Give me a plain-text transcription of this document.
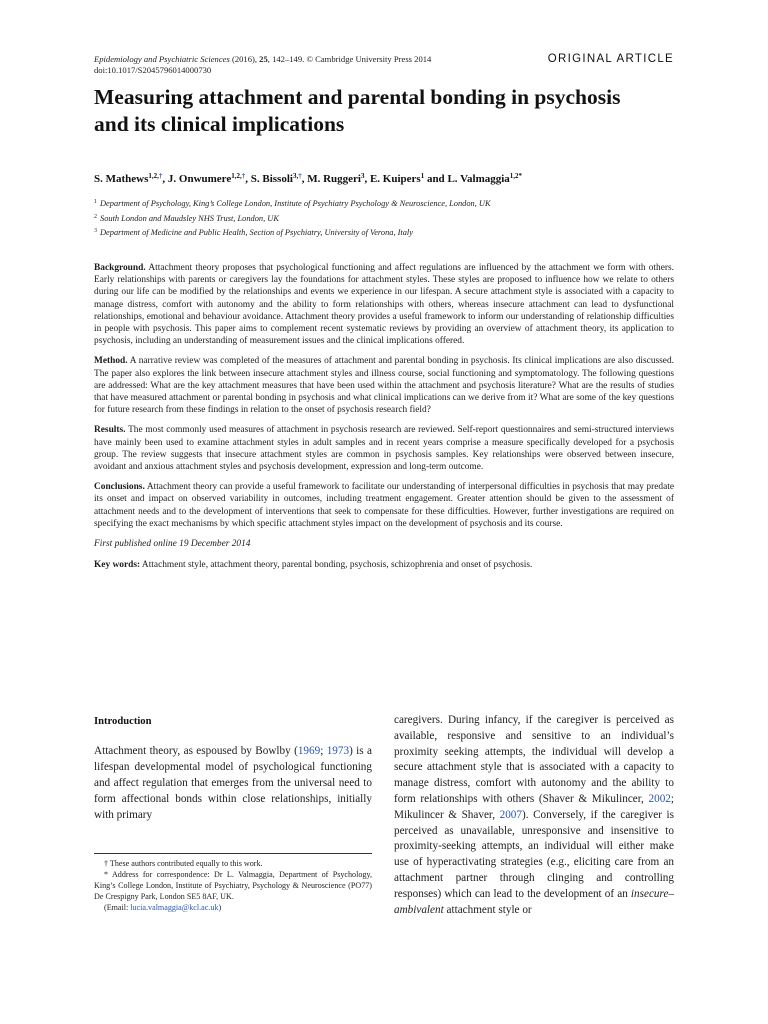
Epidemiology and Psychiatric Sciences (2016), 25, 142–149. © Cambridge University Press 2014
doi:10.1017/S2045796014000730
ORIGINAL ARTICLE
Measuring attachment and parental bonding in psychosis and its clinical implications
S. Mathews$^{1,2,\dagger}$, J. Onwumere$^{1,2,\dagger}$, S. Bissoli$^{3,\dagger}$, M. Ruggeri$^3$, E. Kuipers$^1$ and L. Valmaggia$^{1,2*}$
$^1$ Department of Psychology, King’s College London, Institute of Psychiatry Psychology & Neuroscience, London, UK
$^2$ South London and Maudsley NHS Trust, London, UK
$^3$ Department of Medicine and Public Health, Section of Psychiatry, University of Verona, Italy

Background. Attachment theory proposes that psychological functioning and affect regulations are influenced by the attachment we form with others. Early relationships with parents or caregivers lay the foundations for attachment styles. These styles are proposed to influence how we relate to others during our life can be modified by the relationships and events we experience in our lifespan. A secure attachment style is associated with a capacity to manage distress, comfort with autonomy and the ability to form relationships with others, whereas insecure attachment can lead to dysfunctional relationships, emotional and behaviour avoidance. Attachment theory provides a useful framework to inform our understanding of relationship difficulties in people with psychosis. This paper aims to complement recent systematic reviews by providing an overview of attachment theory, its application to psychosis, including an understanding of measurement issues and the clinical implications offered.

Method. A narrative review was completed of the measures of attachment and parental bonding in psychosis. Its clinical implications are also discussed. The paper also explores the link between insecure attachment styles and illness course, social functioning and symptomatology. The following questions are addressed: What are the key attachment measures that have been used within the attachment and psychosis literature? What are the results of studies that have measured attachment or parental bonding in psychosis and what clinical implications can we derive from it? What are some of the key questions for future research from these findings in relation to the onset of psychosis research field?

Results. The most commonly used measures of attachment in psychosis research are reviewed. Self-report questionnaires and semi-structured interviews have mainly been used to examine attachment styles in adult samples and in recent years comprise a measure specifically developed for a psychosis group. The review suggests that insecure attachment styles are common in psychosis samples. Key relationships were observed between insecure, avoidant and anxious attachment styles and psychosis development, expression and long-term outcome.

Conclusions. Attachment theory can provide a useful framework to facilitate our understanding of interpersonal difficulties in psychosis that may predate its onset and impact on observed variability in outcomes, including treatment engagement. Greater attention should be given to the assessment of attachment needs and to the development of interventions that seek to compensate for these difficulties. However, further investigations are required on specifying the exact mechanisms by which specific attachment styles impact on the development of psychosis and its course.

First published online 19 December 2014

Key words: Attachment style, attachment theory, parental bonding, psychosis, schizophrenia and onset of psychosis.

Introduction

Attachment theory, as espoused by Bowlby (1969; 1973) is a lifespan developmental model of psychological functioning and affect regulation that emerges from the universal need to form affectional bonds within close relationships, initially with primary

† These authors contributed equally to this work.

* Address for correspondence: Dr L. Valmaggia, Department of Psychology, King’s College London, Institute of Psychiatry, Psychology & Neuroscience (PO77) De Crespigny Park, London SE5 8AF, UK.

(Email: lucia.valmaggia@kcl.ac.uk)

caregivers. During infancy, if the caregiver is perceived as available, responsive and sensitive to an individual’s proximity seeking attempts, the individual will develop a secure attachment style that is associated with a capacity to manage distress, comfort with autonomy and the ability to form relationships with others (Shaver & Mikulincer, 2002; Mikulincer & Shaver, 2007). Conversely, if the caregiver is perceived as unavailable, unresponsive and insensitive to proximity-seeking attempts, an individual will either make use of hyperactivating strategies (e.g., eliciting care from an attachment partner through clinging and controlling responses) which can lead to the development of an insecure–ambivalent attachment style or
